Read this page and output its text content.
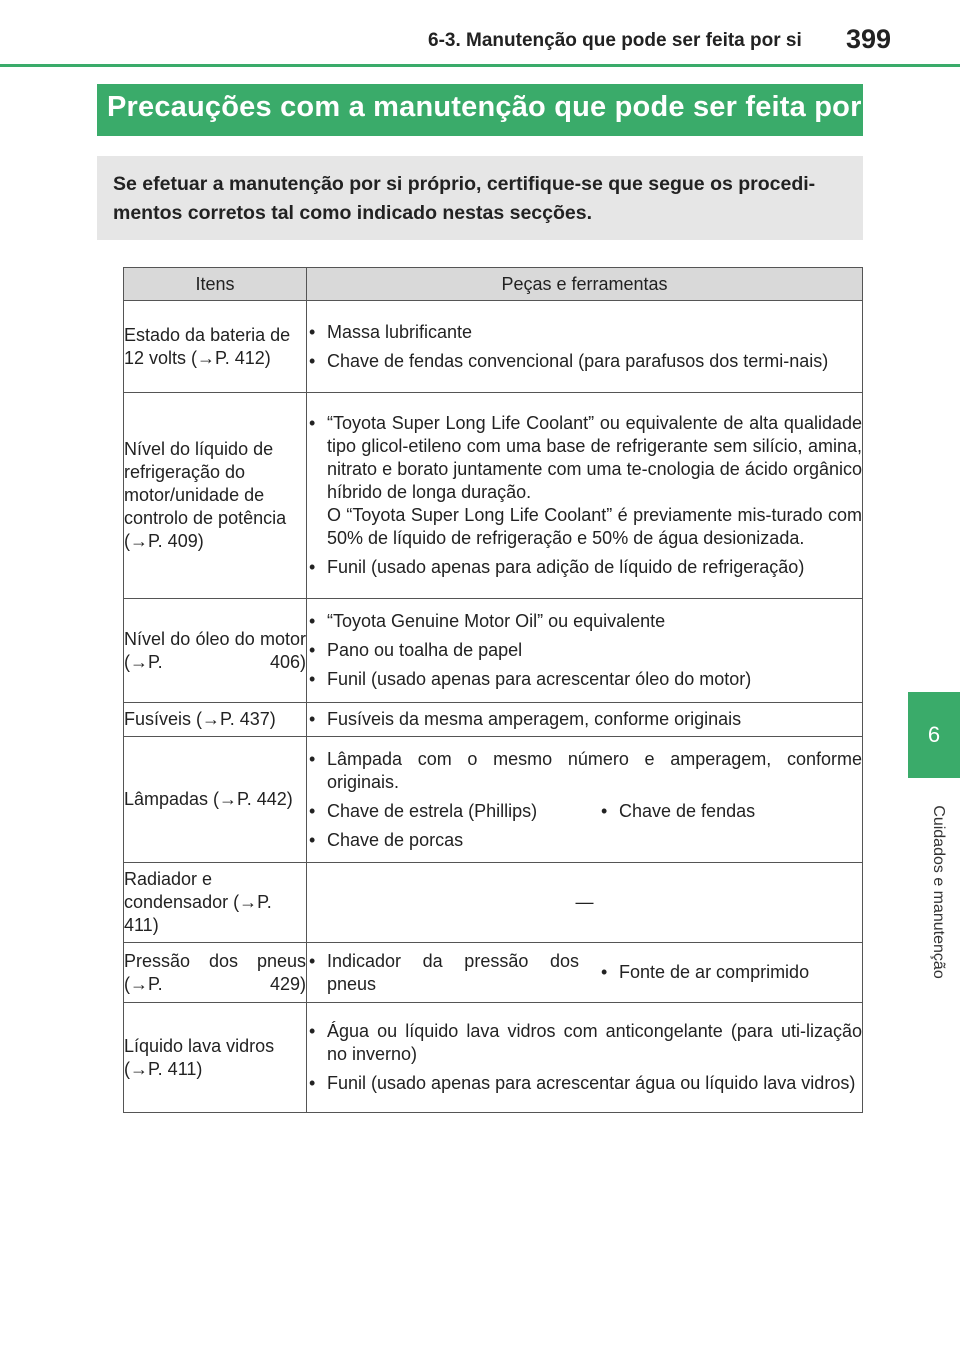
6-3. Manutenção que pode ser feita por si 399
6
Cuidados e manutenção
Precauções com a manutenção que pode ser feita por si
Se efetuar a manutenção por si próprio, certifique-se que segue os procedi-mentos corretos tal como indicado nestas secções.
Itens	Peças e ferramentas
Estado da bateria de 12 volts (→P. 412)	• Massa lubrificante
• Chave de fendas convencional (para parafusos dos termi-nais)

Nível do líquido de refrigeração do motor/unidade de controlo de potência (→P. 409)	• “Toyota Super Long Life Coolant” ou equivalente de alta qualidade tipo glicol-etileno com uma base de refrigerante sem silício, amina, nitrato e borato juntamente com uma te-cnologia de ácido orgânico híbrido de longa duração.
O “Toyota Super Long Life Coolant” é previamente mis-turado com 50% de líquido de refrigeração e 50% de água desionizada.
• Funil (usado apenas para adição de líquido de refrigeração)

Nível do óleo do motor (→P. 406)	• “Toyota Genuine Motor Oil” ou equivalente
• Pano ou toalha de papel
• Funil (usado apenas para acrescentar óleo do motor)

Fusíveis (→P. 437)	• Fusíveis da mesma amperagem, conforme originais

Lâmpadas (→P. 442)	• Lâmpada com o mesmo número e amperagem, conforme originais.
• Chave de estrela (Phillips) • Chave de fendas
• Chave de porcas

Radiador e condensador (→P. 411)	—
Pressão dos pneus (→P. 429)	• Indicador da pressão dos pneus
• Fonte de ar comprimido

Líquido lava vidros (→P. 411)	• Água ou líquido lava vidros com anticongelante (para uti-lização no inverno)
• Funil (usado apenas para acrescentar água ou líquido lava vidros)
